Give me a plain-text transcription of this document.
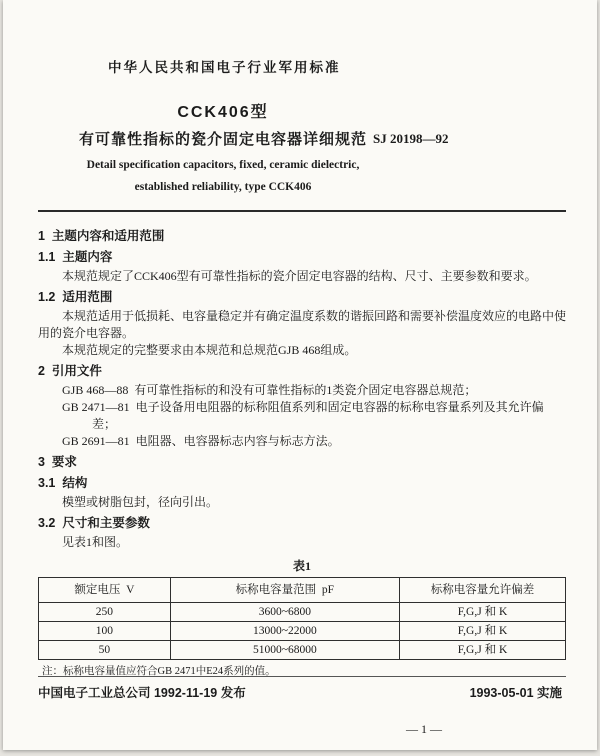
中华人民共和国电子行业军用标准
CCK406型
有可靠性指标的瓷介固定电容器详细规范 SJ 20198—92
Detail specification capacitors, fixed, ceramic dielectric,
established reliability, type CCK406
1  主题内容和适用范围
1.1  主题内容

本规范规定了CCK406型有可靠性指标的瓷介固定电容器的结构、尺寸、主要参数和要求。

1.2  适用范围

本规范适用于低损耗、电容量稳定并有确定温度系数的谐振回路和需要补偿温度效应的电路中使用的瓷介电容器。

本规范规定的完整要求由本规范和总规范GJB 468组成。

2  引用文件

GJB 468—88  有可靠性指标的和没有可靠性指标的1类瓷介固定电容器总规范；

GB 2471—81  电子设备用电阻器的标称阻值系列和固定电容器的标称电容量系列及其允许偏差；

GB 2691—81  电阻器、电容器标志内容与标志方法。

3  要求
3.1  结构

模塑或树脂包封，径向引出。

3.2  尺寸和主要参数

见表1和图。

表1
额定电压  V	标称电容量范围  pF	标称电容量允许偏差
250	3600~6800	F,G,J 和 K
100	13000~22000	F,G,J 和 K
50	51000~68000	F,G,J 和 K
注：标称电容量值应符合GB 2471中E24系列的值。
中国电子工业总公司 1992-11-19 发布	1993-05-01 实施
— 1 —
